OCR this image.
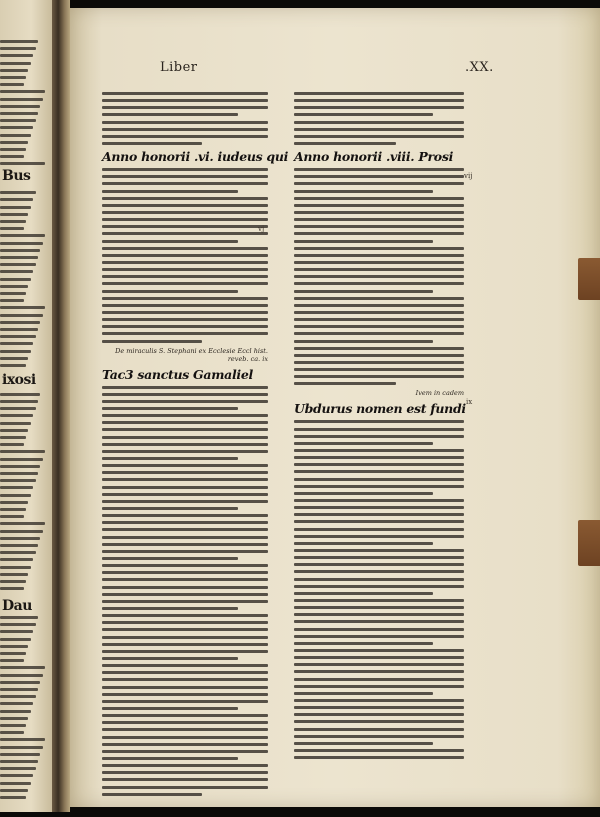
Bus
ixosi
Dau
Liber	.XX.
Anno honorii .vi. iudeus qui
De miraculis S. Stephani ex Ecclesie Eccl hist. reveb. ca. ix
Tac3 sanctus Gamaliel
Anno honorii .viii. Prosi
Ivem in cadem
Ubdurus nomen est fundi
vj
vij
ix
